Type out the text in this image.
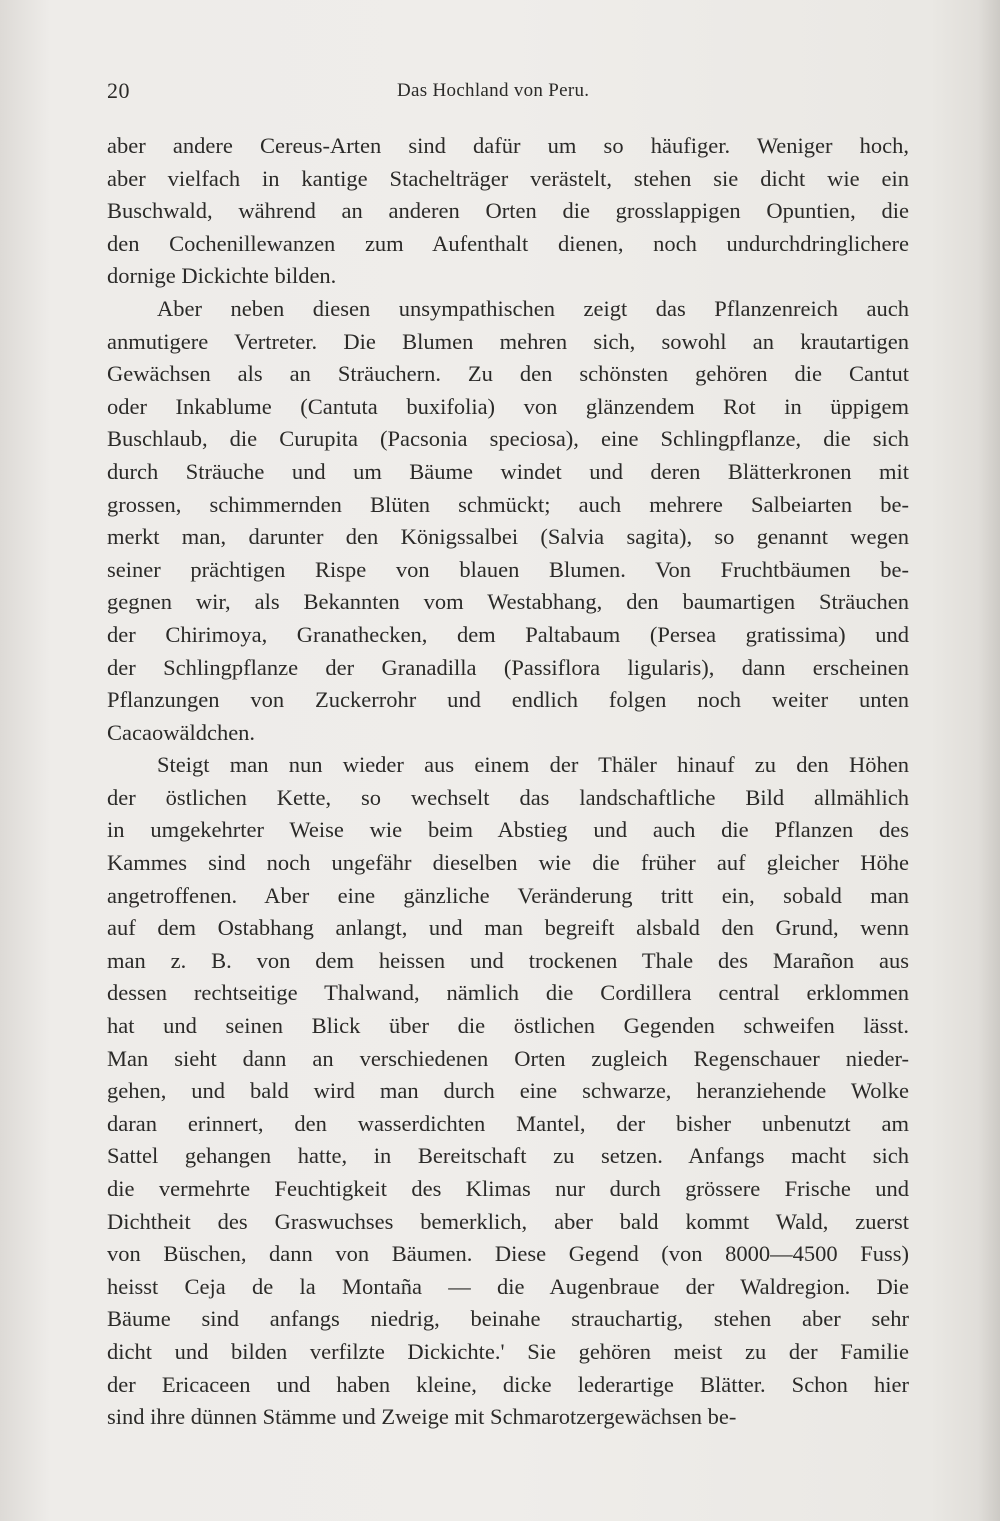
20	Das Hochland von Peru.
aber andere Cereus-Arten sind dafür um so häufiger. Weniger hoch,
aber vielfach in kantige Stachelträger verästelt, stehen sie dicht wie ein
Buschwald, während an anderen Orten die grosslappigen Opuntien, die
den Cochenillewanzen zum Aufenthalt dienen, noch undurchdringlichere
dornige Dickichte bilden.
Aber neben diesen unsympathischen zeigt das Pflanzenreich auch
anmutigere Vertreter. Die Blumen mehren sich, sowohl an krautartigen
Gewächsen als an Sträuchern. Zu den schönsten gehören die Cantut
oder Inkablume (Cantuta buxifolia) von glänzendem Rot in üppigem
Buschlaub, die Curupita (Pacsonia speciosa), eine Schlingpflanze, die sich
durch Sträuche und um Bäume windet und deren Blätterkronen mit
grossen, schimmernden Blüten schmückt; auch mehrere Salbeiarten be-
merkt man, darunter den Königssalbei (Salvia sagita), so genannt wegen
seiner prächtigen Rispe von blauen Blumen. Von Fruchtbäumen be-
gegnen wir, als Bekannten vom Westabhang, den baumartigen Sträuchen
der Chirimoya, Granathecken, dem Paltabaum (Persea gratissima) und
der Schlingpflanze der Granadilla (Passiflora ligularis), dann erscheinen
Pflanzungen von Zuckerrohr und endlich folgen noch weiter unten
Cacaowäldchen.
Steigt man nun wieder aus einem der Thäler hinauf zu den Höhen
der östlichen Kette, so wechselt das landschaftliche Bild allmählich
in umgekehrter Weise wie beim Abstieg und auch die Pflanzen des
Kammes sind noch ungefähr dieselben wie die früher auf gleicher Höhe
angetroffenen. Aber eine gänzliche Veränderung tritt ein, sobald man
auf dem Ostabhang anlangt, und man begreift alsbald den Grund, wenn
man z. B. von dem heissen und trockenen Thale des Marañon aus
dessen rechtseitige Thalwand, nämlich die Cordillera central erklommen
hat und seinen Blick über die östlichen Gegenden schweifen lässt.
Man sieht dann an verschiedenen Orten zugleich Regenschauer nieder-
gehen, und bald wird man durch eine schwarze, heranziehende Wolke
daran erinnert, den wasserdichten Mantel, der bisher unbenutzt am
Sattel gehangen hatte, in Bereitschaft zu setzen. Anfangs macht sich
die vermehrte Feuchtigkeit des Klimas nur durch grössere Frische und
Dichtheit des Graswuchses bemerklich, aber bald kommt Wald, zuerst
von Büschen, dann von Bäumen. Diese Gegend (von 8000—4500 Fuss)
heisst Ceja de la Montaña — die Augenbraue der Waldregion. Die
Bäume sind anfangs niedrig, beinahe strauchartig, stehen aber sehr
dicht und bilden verfilzte Dickichte.' Sie gehören meist zu der Familie
der Ericaceen und haben kleine, dicke lederartige Blätter. Schon hier
sind ihre dünnen Stämme und Zweige mit Schmarotzergewächsen be-
